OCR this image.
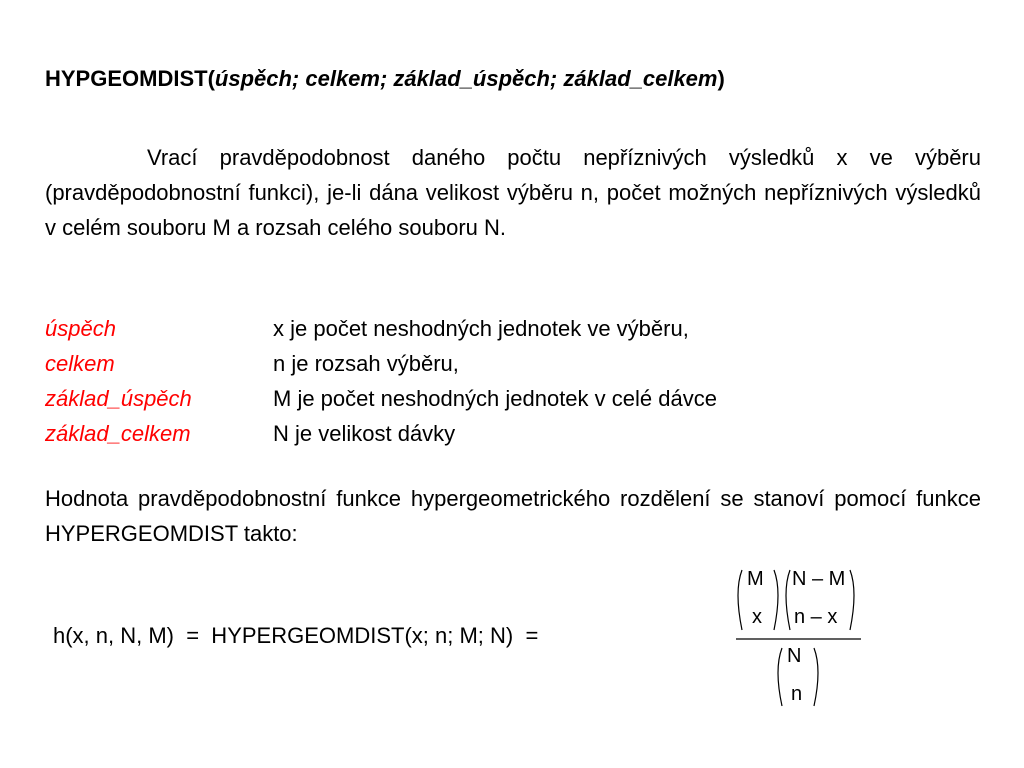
HYPGEOMDIST(úspěch; celkem; základ_úspěch; základ_celkem)
Vrací pravděpodobnost daného počtu nepříznivých výsledků x ve výběru (pravděpodobnostní funkci), je-li dána velikost výběru n, počet možných nepříznivých výsledků v celém souboru M a rozsah celého souboru N.
úspěch	x je počet neshodných jednotek ve výběru,
celkem	n je rozsah výběru,
základ_úspěch	M je počet neshodných jednotek v celé dávce
základ_celkem	N je velikost dávky
Hodnota pravděpodobnostní funkce hypergeometrického rozdělení se stanoví pomocí funkce HYPERGEOMDIST takto:
h(x, n, N, M)  =  HYPERGEOMDIST(x; n; M; N)  =
M
x
N – M
n – x
N
n
